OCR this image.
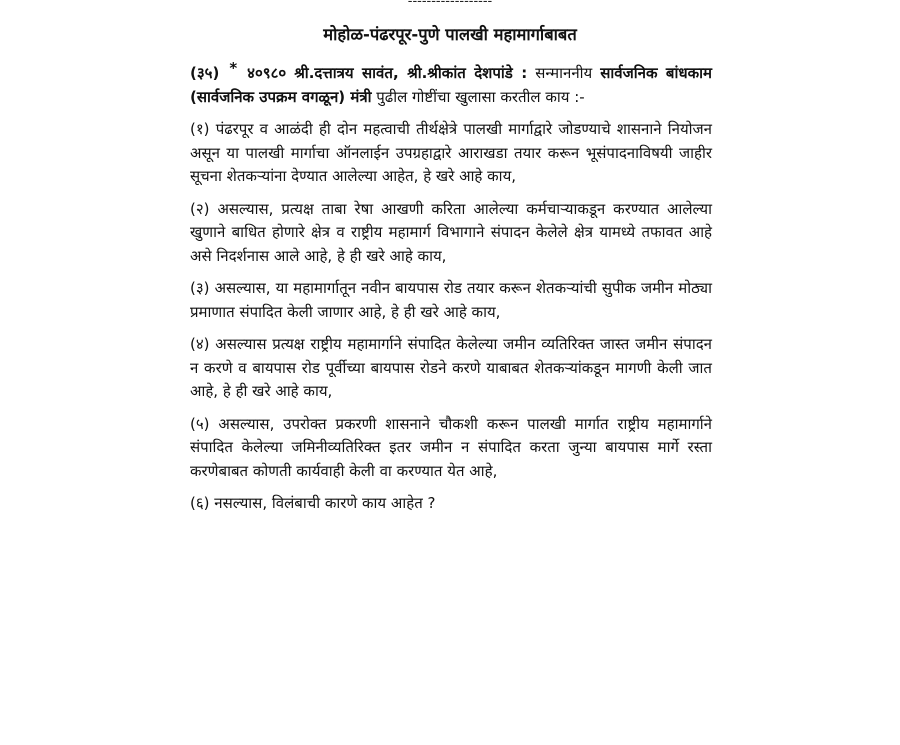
------------------
मोहोळ-पंढरपूर-पुणे पालखी महामार्गाबाबत

(३५) * ४०९८० श्री.दत्तात्रय सावंत, श्री.श्रीकांत देशपांडे : सन्माननीय सार्वजनिक बांधकाम (सार्वजनिक उपक्रम वगळून) मंत्री पुढील गोष्टींचा खुलासा करतील काय :-

(१) पंढरपूर व आळंदी ही दोन महत्वाची तीर्थक्षेत्रे पालखी मार्गाद्वारे जोडण्याचे शासनाने नियोजन असून या पालखी मार्गाचा ऑनलाईन उपग्रहाद्वारे आराखडा तयार करून भूसंपादनाविषयी जाहीर सूचना शेतकऱ्यांना देण्यात आलेल्या आहेत, हे खरे आहे काय,

(२) असल्यास, प्रत्यक्ष ताबा रेषा आखणी करिता आलेल्या कर्मचाऱ्याकडून करण्यात आलेल्या खुणाने बाधित होणारे क्षेत्र व राष्ट्रीय महामार्ग विभागाने संपादन केलेले क्षेत्र यामध्ये तफावत आहे असे निदर्शनास आले आहे, हे ही खरे आहे काय,

(३) असल्यास, या महामार्गातून नवीन बायपास रोड तयार करून शेतकऱ्यांची सुपीक जमीन मोठ्या प्रमाणात संपादित केली जाणार आहे, हे ही खरे आहे काय,

(४) असल्यास प्रत्यक्ष राष्ट्रीय महामार्गाने संपादित केलेल्या जमीन व्यतिरिक्त जास्त जमीन संपादन न करणे व बायपास रोड पूर्वीच्या बायपास रोडने करणे याबाबत शेतकऱ्यांकडून मागणी केली जात आहे, हे ही खरे आहे काय,

(५) असल्यास, उपरोक्त प्रकरणी शासनाने चौकशी करून पालखी मार्गात राष्ट्रीय महामार्गाने संपादित केलेल्या जमिनीव्यतिरिक्त इतर जमीन न संपादित करता जुन्या बायपास मार्गे रस्ता करणेबाबत कोणती कार्यवाही केली वा करण्यात येत आहे,

(६) नसल्यास, विलंबाची कारणे काय आहेत ?
